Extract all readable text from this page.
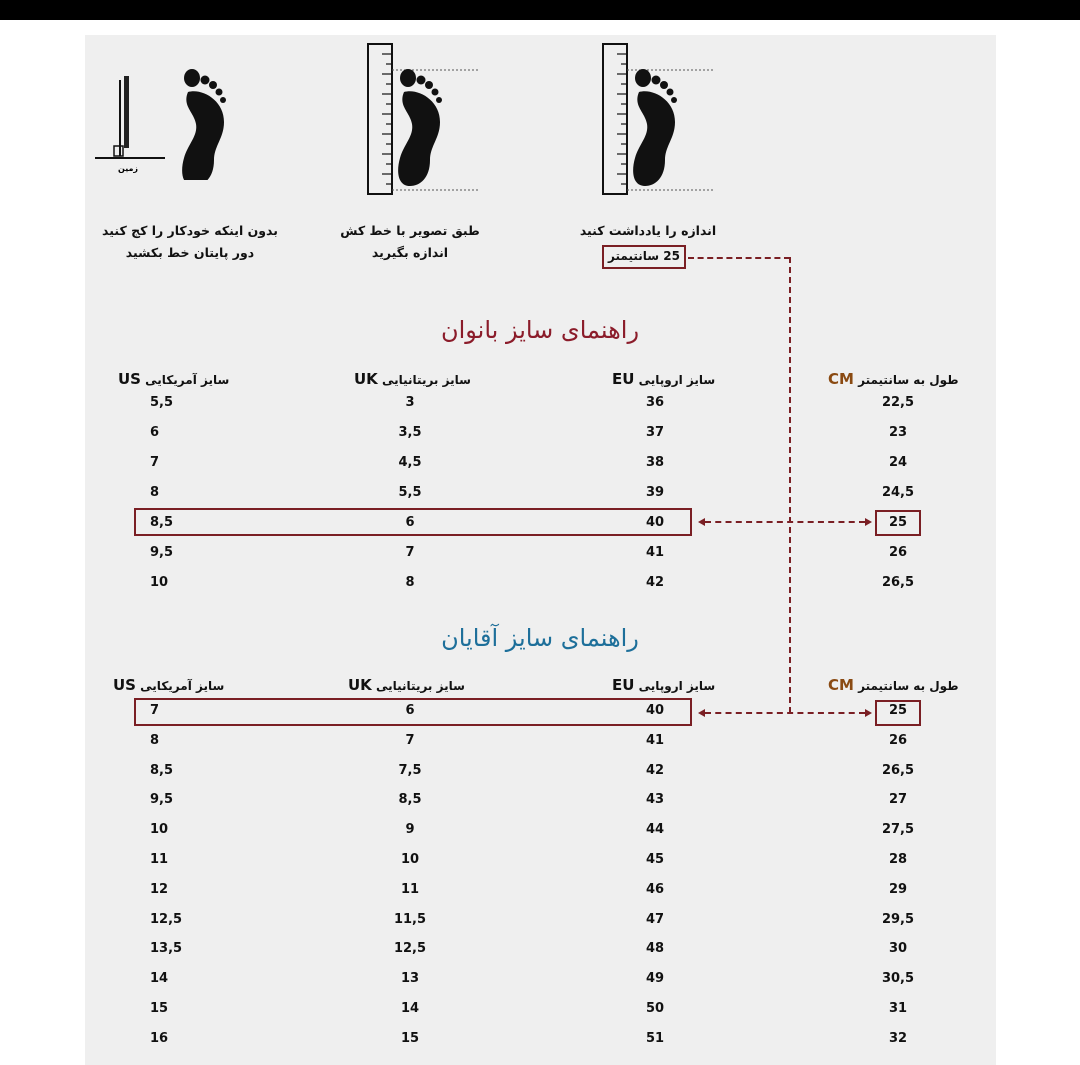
زمین
بدون اینکه خودکار را کج کنید
دور پایتان خط بکشید
طبق تصویر با خط کش
اندازه بگیرید
اندازه را یادداشت کنید
25 سانتیمتر
راهنمای سایز بانوان
طول به سانتیمتر CM
سایز اروپایی EU
سایز بریتانیایی UK
سایز آمریکایی US
22,5
36
3
5,5
23
37
3,5
6
24
38
4,5
7
24,5
39
5,5
8
25
40
6
8,5
26
41
7
9,5
26,5
42
8
10
راهنمای سایز آقایان
طول به سانتیمتر CM
سایز اروپایی EU
سایز بریتانیایی UK
سایز آمریکایی US
25
40
6
7
26
41
7
8
26,5
42
7,5
8,5
27
43
8,5
9,5
27,5
44
9
10
28
45
10
11
29
46
11
12
29,5
47
11,5
12,5
30
48
12,5
13,5
30,5
49
13
14
31
50
14
15
32
51
15
16
